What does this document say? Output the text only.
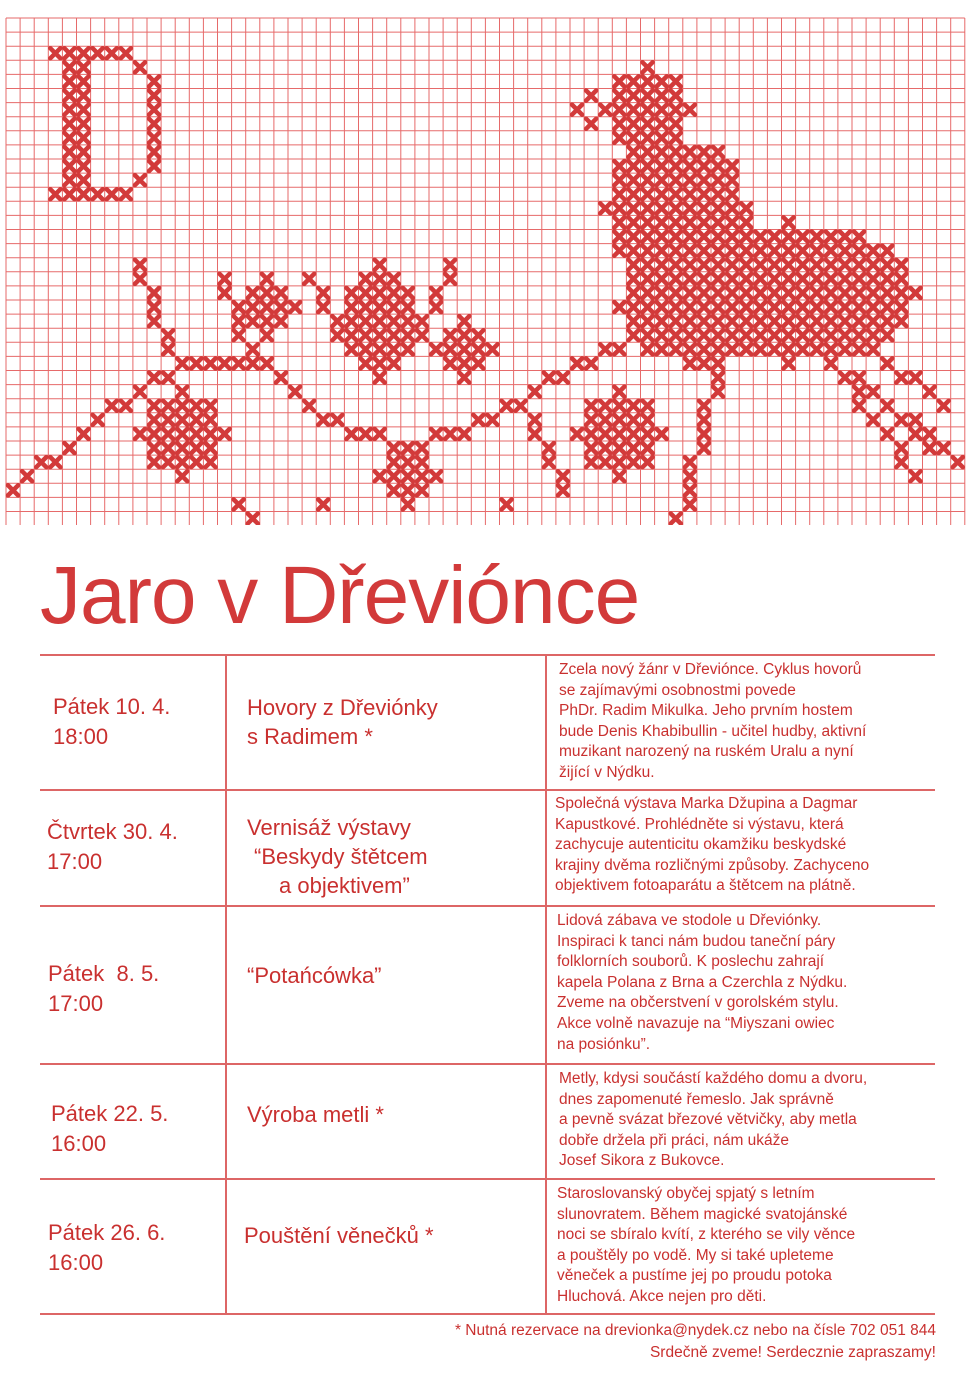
Jaro v Dřeviónce
Pátek 10. 4.
18:00
Hovory z Dřeviónky
s Radimem *
Zcela nový žánr v Dřeviónce. Cyklus hovorů
se zajímavými osobnostmi povede
PhDr. Radim Mikulka. Jeho prvním hostem
bude Denis Khabibullin - učitel hudby, aktivní
muzikant narozený na ruském Uralu a nyní
žijící v Nýdku.
Čtvrtek 30. 4.
17:00
Vernisáž výstavy
“Beskydy štětcem
a objektivem”
Společná výstava Marka Džupina a Dagmar
Kapustkové. Prohlédněte si výstavu, která
zachycuje autenticitu okamžiku beskydské
krajiny dvěma rozličnými způsoby. Zachyceno
objektivem fotoaparátu a štětcem na plátně.
Pátek  8. 5.
17:00
“Potańcówka”
Lidová zábava ve stodole u Dřeviónky.
Inspiraci k tanci nám budou taneční páry
folklorních souborů. K poslechu zahrají
kapela Polana z Brna a Czerchla z Nýdku.
Zveme na občerstvení v gorolském stylu.
Akce volně navazuje na “Miyszani owiec
na posiónku”.
Pátek 22. 5.
16:00
Výroba metli *
Metly, kdysi součástí každého domu a dvoru,
dnes zapomenuté řemeslo. Jak správně
a pevně svázat březové větvičky, aby metla
dobře držela při práci, nám ukáže
Josef Sikora z Bukovce.
Pátek 26. 6.
16:00
Pouštění věnečků *
Staroslovanský obyčej spjatý s letním
slunovratem. Během magické svatojánské
noci se sbíralo kvítí, z kterého se vily věnce
a pouštěly po vodě. My si také upleteme
věneček a pustíme jej po proudu potoka
Hluchová. Akce nejen pro děti.
* Nutná rezervace na drevionka@nydek.cz nebo na čísle 702 051 844
Srdečně zveme! Serdecznie zapraszamy!
